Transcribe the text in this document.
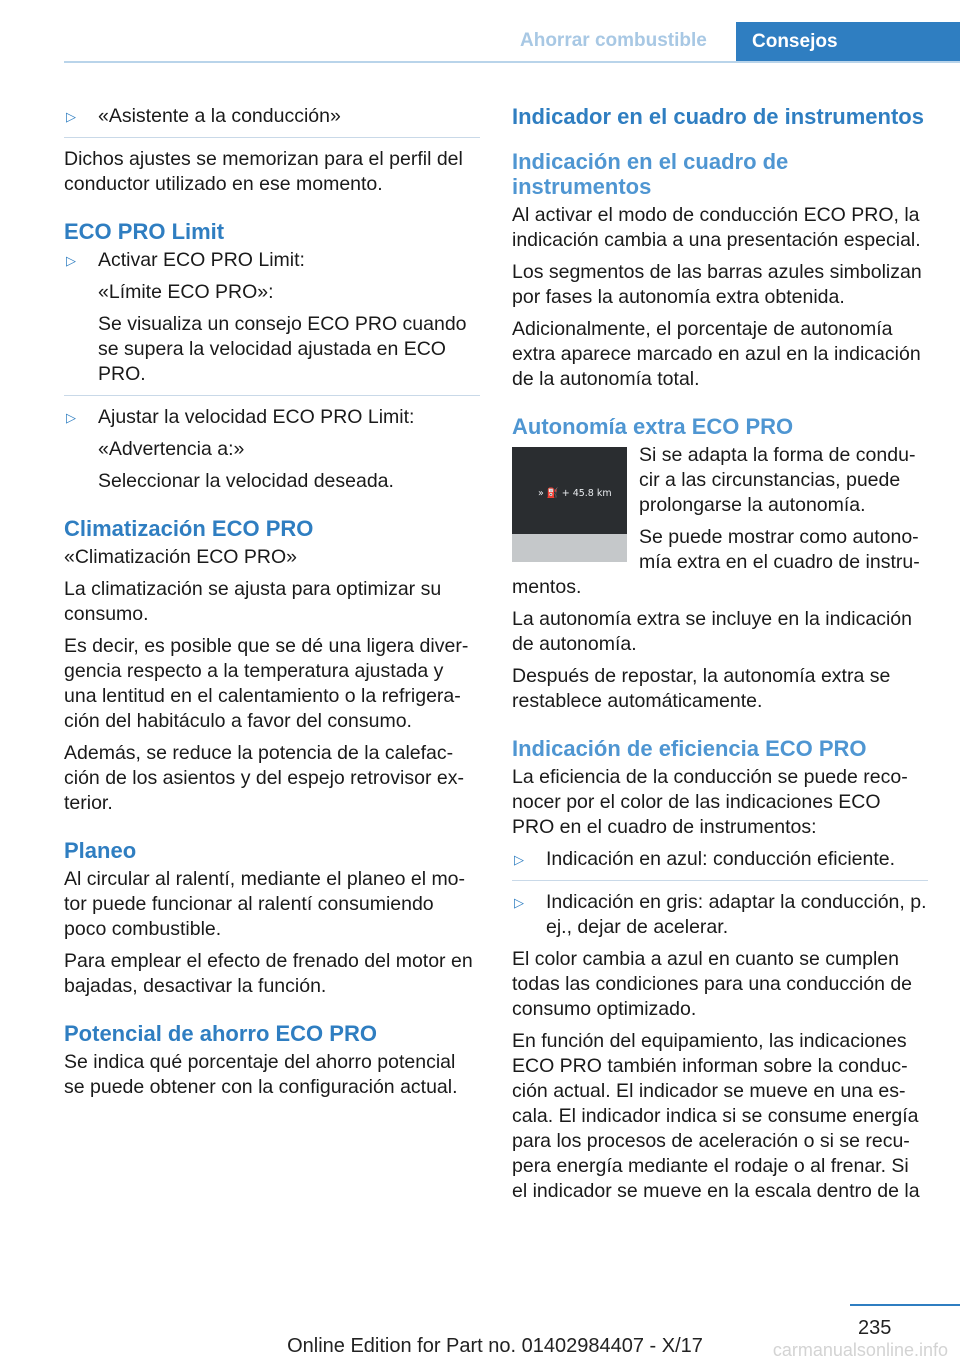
Ahorrar combustible	Consejos
▷	«Asistente a la conducción»

Dichos ajustes se memorizan para el perfil del conductor utilizado en ese momento.

ECO PRO Limit
▷	Activar ECO PRO Limit:

«Límite ECO PRO»:

Se visualiza un consejo ECO PRO cuando se supera la velocidad ajustada en ECO PRO.

▷	Ajustar la velocidad ECO PRO Limit:

«Advertencia a:»

Seleccionar la velocidad deseada.

Climatización ECO PRO

«Climatización ECO PRO»

La climatización se ajusta para optimizar su consumo.

Es decir, es posible que se dé una ligera divergencia respecto a la temperatura ajustada y una lentitud en el calentamiento o la refrigeración del habitáculo a favor del consumo.

Además, se reduce la potencia de la calefacción de los asientos y del espejo retrovisor exterior.

Planeo

Al circular al ralentí, mediante el planeo el motor puede funcionar al ralentí consumiendo poco combustible.

Para emplear el efecto de frenado del motor en bajadas, desactivar la función.

Potencial de ahorro ECO PRO

Se indica qué porcentaje del ahorro potencial se puede obtener con la configuración actual.

Indicador en el cuadro de instrumentos
Indicación en el cuadro de instrumentos

Al activar el modo de conducción ECO PRO, la indicación cambia a una presentación especial.

Los segmentos de las barras azules simbolizan por fases la autonomía extra obtenida.

Adicionalmente, el porcentaje de autonomía extra aparece marcado en azul en la indicación de la autonomía total.

Autonomía extra ECO PRO
» ⛽ + 45.8 km

Si se adapta la forma de conducir a las circunstancias, puede prolongarse la autonomía.

Se puede mostrar como autonomía extra en el cuadro de instrumentos.

La autonomía extra se incluye en la indicación de autonomía.

Después de repostar, la autonomía extra se restablece automáticamente.

Indicación de eficiencia ECO PRO

La eficiencia de la conducción se puede reconocer por el color de las indicaciones ECO PRO en el cuadro de instrumentos:

▷	Indicación en azul: conducción eficiente.

▷	Indicación en gris: adaptar la conducción, p. ej., dejar de acelerar.

El color cambia a azul en cuanto se cumplen todas las condiciones para una conducción de consumo optimizado.

En función del equipamiento, las indicaciones ECO PRO también informan sobre la conducción actual. El indicador se mueve en una escala. El indicador indica si se consume energía para los procesos de aceleración o si se recupera energía mediante el rodaje o al frenar. Si el indicador se mueve en la escala dentro de la

235
Online Edition for Part no. 01402984407 - X/17	carmanualsonline.info
